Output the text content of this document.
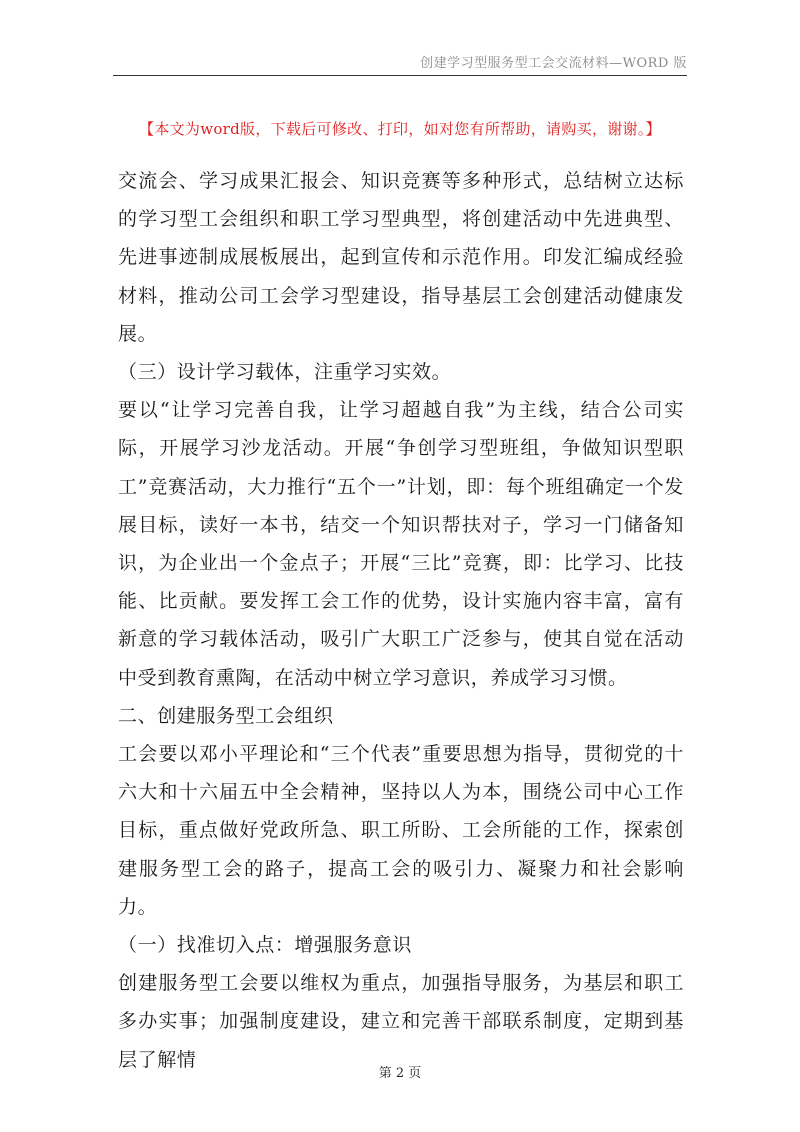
创建学习型服务型工会交流材料—WORD 版
【本文为word版，下载后可修改、打印，如对您有所帮助，请购买，谢谢。】

交流会、学习成果汇报会、知识竞赛等多种形式，总结树立达标的学习型工会组织和职工学习型典型，将创建活动中先进典型、先进事迹制成展板展出，起到宣传和示范作用。印发汇编成经验材料，推动公司工会学习型建设，指导基层工会创建活动健康发展。

（三）设计学习载体，注重学习实效。

要以“让学习完善自我，让学习超越自我”为主线，结合公司实际，开展学习沙龙活动。开展“争创学习型班组，争做知识型职工”竞赛活动，大力推行“五个一”计划，即：每个班组确定一个发展目标，读好一本书，结交一个知识帮扶对子，学习一门储备知识，为企业出一个金点子；开展“三比”竞赛，即：比学习、比技能、比贡献。要发挥工会工作的优势，设计实施内容丰富，富有新意的学习载体活动，吸引广大职工广泛参与，使其自觉在活动中受到教育熏陶，在活动中树立学习意识，养成学习习惯。

二、创建服务型工会组织

工会要以邓小平理论和“三个代表”重要思想为指导，贯彻党的十六大和十六届五中全会精神，坚持以人为本，围绕公司中心工作目标，重点做好党政所急、职工所盼、工会所能的工作，探索创建服务型工会的路子，提高工会的吸引力、凝聚力和社会影响力。

（一）找准切入点：增强服务意识

创建服务型工会要以维权为重点，加强指导服务，为基层和职工多办实事；加强制度建设，建立和完善干部联系制度，定期到基层了解情

第 2 页
